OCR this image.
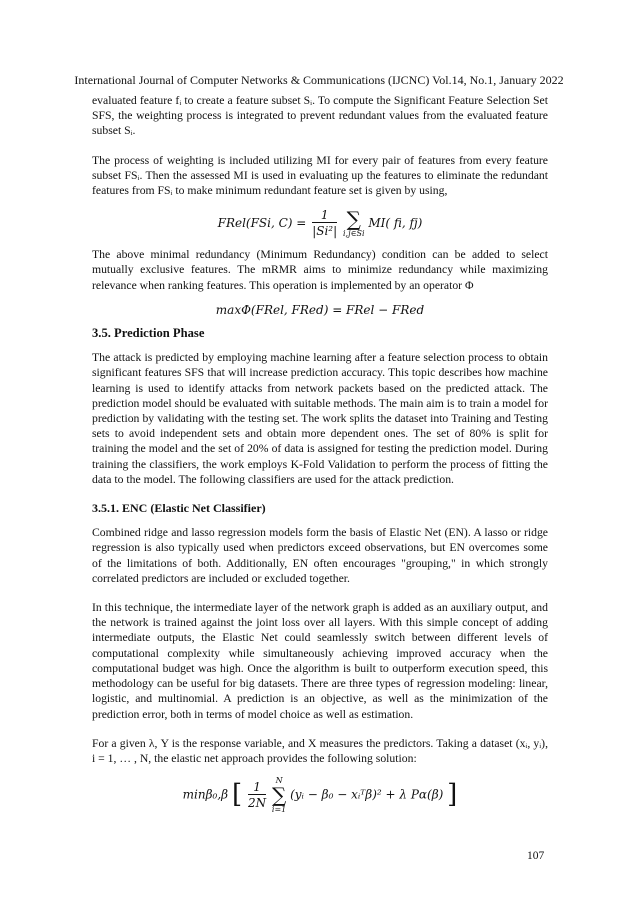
International Journal of Computer Networks & Communications (IJCNC) Vol.14, No.1, January 2022

evaluated feature fᵢ to create a feature subset Sᵢ. To compute the Significant Feature Selection Set SFS, the weighting process is integrated to prevent redundant values from the evaluated feature subset Sᵢ.

The process of weighting is included utilizing MI for every pair of features from every feature subset FSᵢ. Then the assessed MI is used in evaluating up the features to eliminate the redundant features from FSᵢ to make minimum redundant feature set is given by using,

FRel(FSi, $C) = \frac{1}{\text{|Si²|}}$
∑
i,j∈Si
MI( fi, fj)

The above minimal redundancy (Minimum Redundancy) condition can be added to select mutually exclusive features. The mRMR aims to minimize redundancy while maximizing relevance when ranking features. This operation is implemented by an operator Φ

maxΦ(FRel, FRed) = FRel − FRed
3.5. Prediction Phase

The attack is predicted by employing machine learning after a feature selection process to obtain significant features SFS that will increase prediction accuracy. This topic describes how machine learning is used to identify attacks from network packets based on the predicted attack. The prediction model should be evaluated with suitable methods. The main aim is to train a model for prediction by validating with the testing set. The work splits the dataset into Training and Testing sets to avoid independent sets and obtain more dependent ones. The set of 80% is split for training the model and the set of 20% of data is assigned for testing the prediction model. During training the classifiers, the work employs K-Fold Validation to perform the process of fitting the data to the model. The following classifiers are used for the attack prediction.

3.5.1. ENC (Elastic Net Classifier)

Combined ridge and lasso regression models form the basis of Elastic Net (EN). A lasso or ridge regression is also typically used when predictors exceed observations, but EN overcomes some of the limitations of both. Additionally, EN often encourages "grouping," in which strongly correlated predictors are included or excluded together.

In this technique, the intermediate layer of the network graph is added as an auxiliary output, and the network is trained against the joint loss over all layers. With this simple concept of adding intermediate outputs, the Elastic Net could seamlessly switch between different levels of computational complexity while simultaneously achieving improved accuracy when the computational budget was high. Once the algorithm is built to outperform execution speed, this methodology can be useful for big datasets. There are three types of regression modeling: linear, logistic, and multinomial. A prediction is an objective, as well as the minimization of the prediction error, both in terms of model choice as well as estimation.

For a given λ, Y is the response variable, and X measures the predictors. Taking a dataset (xᵢ, yᵢ), i = 1, … , N, the elastic net approach provides the following solution:

minβ₀,β [ $\frac{1}{2N}$
	N
∑
i=1
(yᵢ − β₀ − xᵢᵀβ)² + λ Pα(β) ]
107
